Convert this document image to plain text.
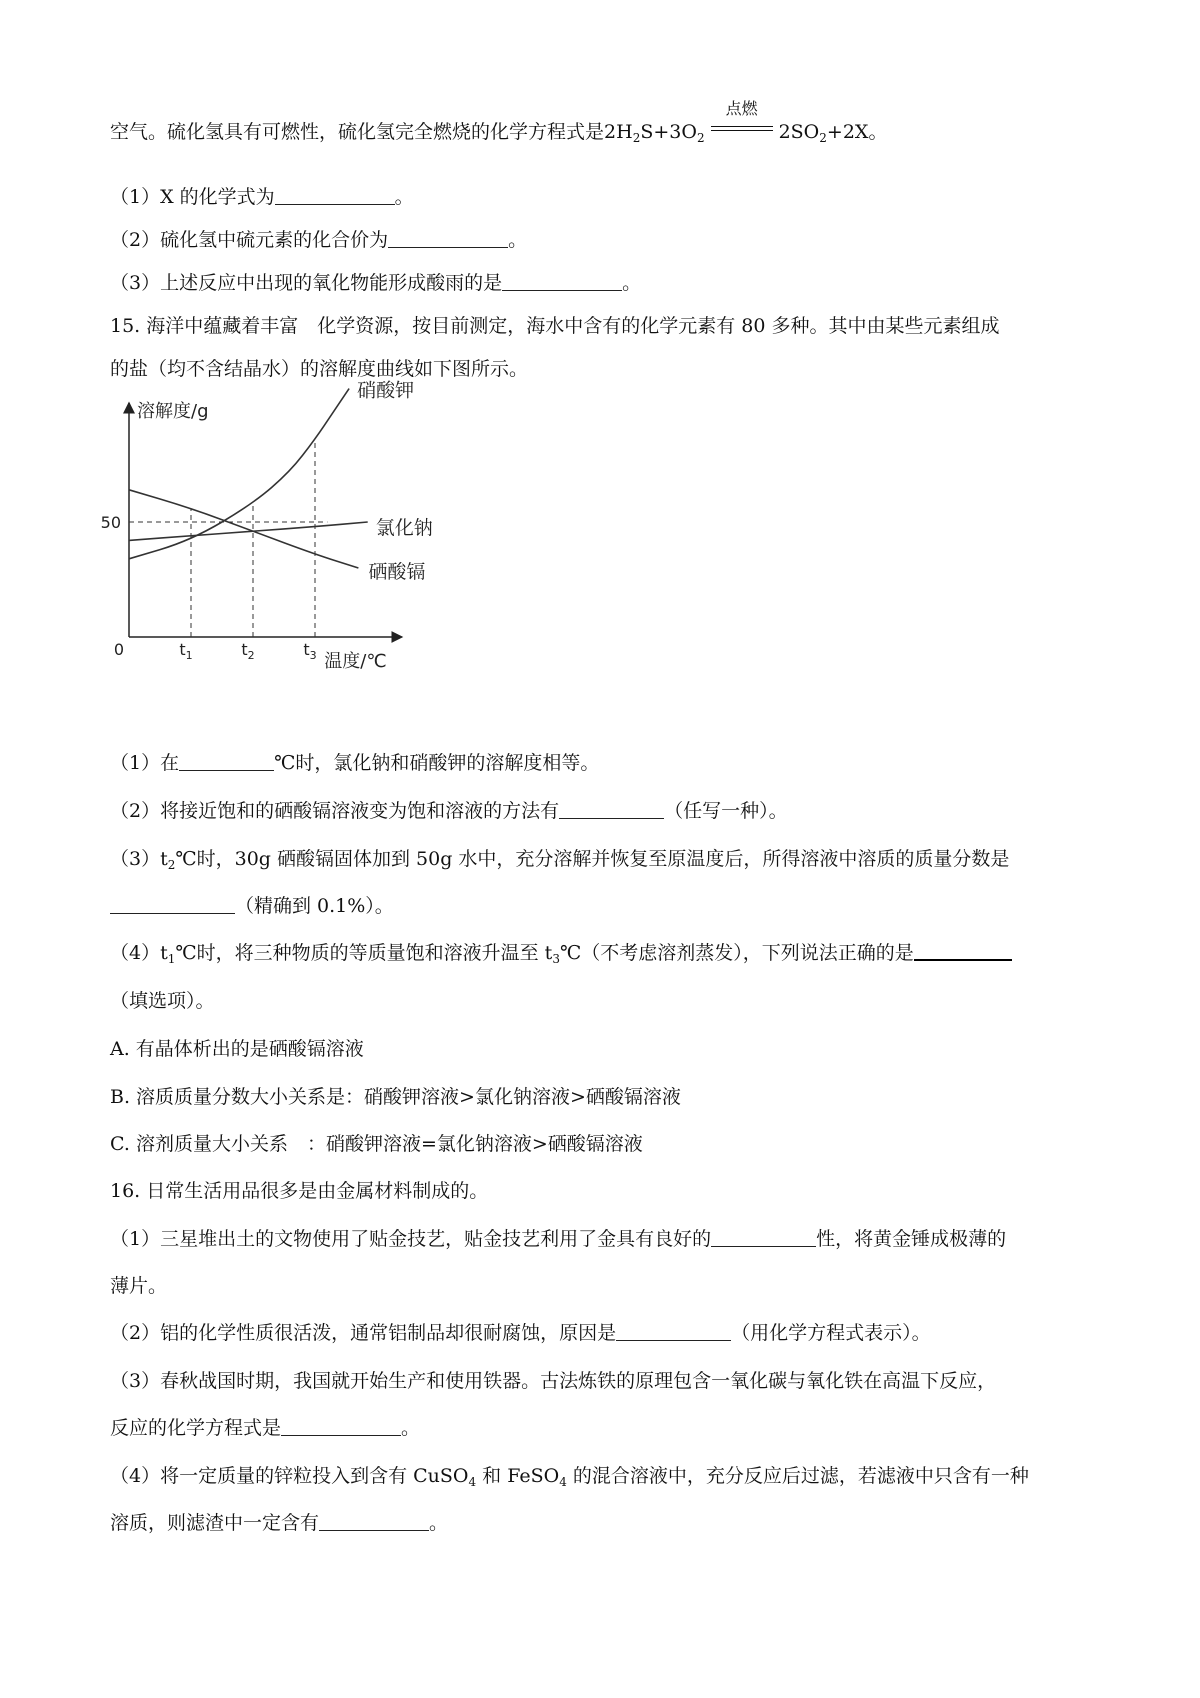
空气。硫化氢具有可燃性，硫化氢完全燃烧的化学方程式是$2H_2S+3O_2$
点燃
$2SO_2+2X$。
（1）X 的化学式为	。
（2）硫化氢中硫元素的化合价为	。
（3）上述反应中出现的氧化物能形成酸雨的是	。
15. 海洋中蕴藏着丰富　化学资源，按目前测定，海水中含有的化学元素有 80 多种。其中由某些元素组成
的盐（均不含结晶水）的溶解度曲线如下图所示。
溶解度/g
温度/℃
0
50
$t_1$	$t_2$	$t_3$
硝酸钾
氯化钠
硒酸镉
（1）在	℃时，氯化钠和硝酸钾的溶解度相等。
（2）将接近饱和的硒酸镉溶液变为饱和溶液的方法有	（任写一种）。
$(3)t_2℃$时，30g 硒酸镉固体加到 50g 水中，充分溶解并恢复至原温度后，所得溶液中溶质的质量分数是
（精确到 0.1%）。
$(4)t_1℃$时，将三种物质的等质量饱和溶液升温至 $t_3℃$（不考虑溶剂蒸发），下列说法正确的是
（填选项）。
A. 有晶体析出的是硒酸镉溶液
B. 溶质质量分数大小关系是：硝酸钾溶液>氯化钠溶液>硒酸镉溶液
C. 溶剂质量大小关系　：硝酸钾溶液=氯化钠溶液>硒酸镉溶液
16. 日常生活用品很多是由金属材料制成的。
（1）三星堆出土的文物使用了贴金技艺，贴金技艺利用了金具有良好的	性，将黄金锤成极薄的
薄片。
（2）铝的化学性质很活泼，通常铝制品却很耐腐蚀，原因是	（用化学方程式表示）。
（3）春秋战国时期，我国就开始生产和使用铁器。古法炼铁的原理包含一氧化碳与氧化铁在高温下反应，
反应的化学方程式是	。
（4）将一定质量的锌粒投入到含有 CuSO$_4$ 和 FeSO$_4$ 的混合溶液中，充分反应后过滤，若滤液中只含有一种
溶质，则滤渣中一定含有	。
